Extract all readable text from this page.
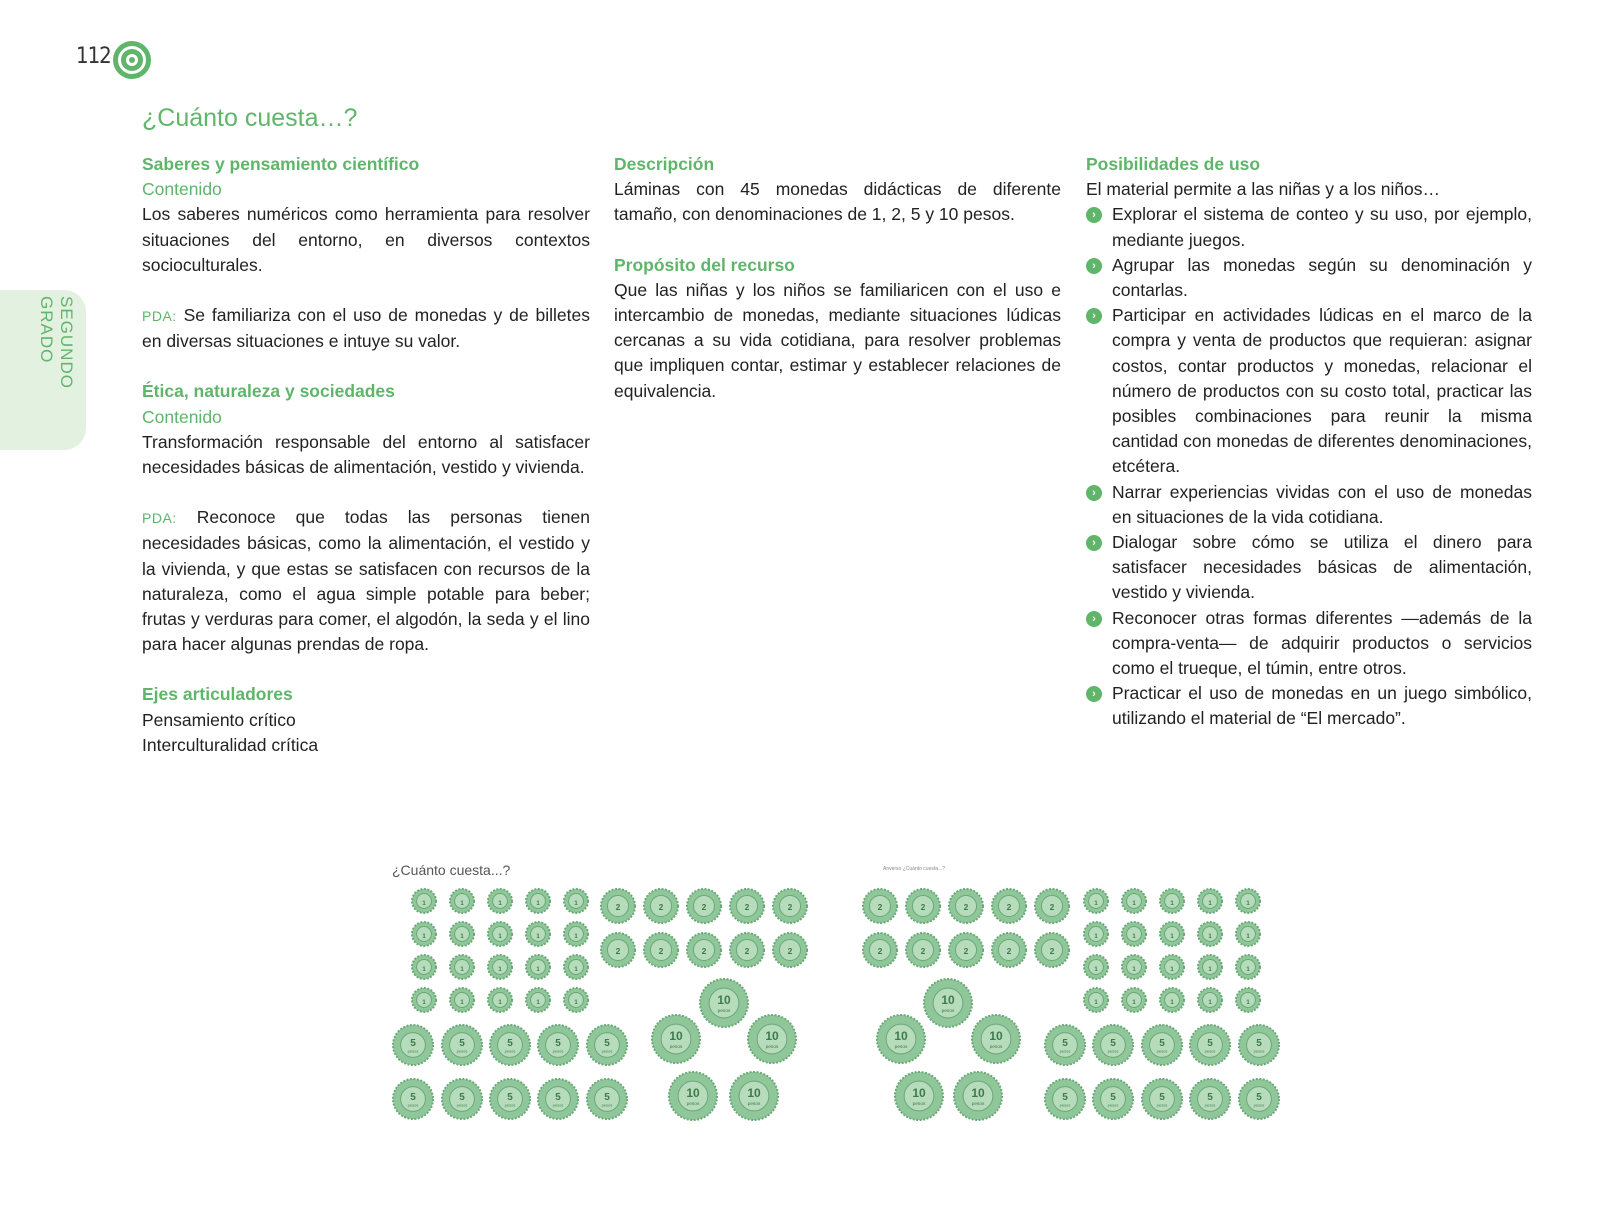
112
SEGUNDO GRADO
¿Cuánto cuesta…?

Saberes y pensamiento científico

Contenido

Los saberes numéricos como herramienta para resolver situaciones del entorno, en diversos contextos socioculturales.

PDA: Se familiariza con el uso de monedas y de billetes en diversas situaciones e intuye su valor.

Ética, naturaleza y sociedades

Contenido

Transformación responsable del entorno al satisfacer necesidades básicas de alimentación, vestido y vivienda.

PDA: Reconoce que todas las personas tienen necesidades básicas, como la alimentación, el vestido y la vivienda, y que estas se satisfacen con recursos de la naturaleza, como el agua simple potable para beber; frutas y verduras para comer, el algodón, la seda y el lino para hacer algunas prendas de ropa.

Ejes articuladores

Pensamiento crítico

Interculturalidad crítica

Descripción

Láminas con 45 monedas didácticas de diferente tamaño, con denominaciones de 1, 2, 5 y 10 pesos.

Propósito del recurso

Que las niñas y los niños se familiaricen con el uso e intercambio de monedas, mediante situaciones lúdicas cercanas a su vida cotidiana, para resolver problemas que impliquen contar, estimar y establecer relaciones de equivalencia.

Posibilidades de uso

El material permite a las niñas y a los niños…

› Explorar el sistema de conteo y su uso, por ejemplo, mediante juegos.
› Agrupar las monedas según su denominación y contarlas.
› Participar en actividades lúdicas en el marco de la compra y venta de productos que requieran: asignar costos, contar productos y monedas, relacionar el número de productos con su costo total, practicar las posibles combinaciones para reunir la misma cantidad con monedas de diferentes denominaciones, etcétera.
› Narrar experiencias vividas con el uso de monedas en situaciones de la vida cotidiana.
› Dialogar sobre cómo se utiliza el dinero para satisfacer necesidades básicas de alimentación, vestido y vivienda.
› Reconocer otras formas diferentes —además de la compra-venta— de adquirir productos o servicios como el trueque, el túmin, entre otros.
› Practicar el uso de monedas en un juego simbólico, utilizando el material de “El mercado”.
¿Cuánto cuesta...?	Anverso ¿Cuánto cuesta...?
1	1	1	1	1
1	1	1	1	1
1	1	1	1	1
1	1	1	1	1
2	2	2	2	2
2	2	2	2	2
5
pesos
5
pesos
5
pesos
5
pesos
5
pesos
5
pesos
5
pesos
5
pesos
5
pesos
5
pesos
10
pesos
10
pesos
10
pesos
10
pesos
10
pesos
2	2	2	2	2
2	2	2	2	2
1	1	1	1	1
1	1	1	1	1
1	1	1	1	1
1	1	1	1	1
10
pesos
10
pesos
10
pesos
10
pesos
10
pesos
5
pesos
5
pesos
5
pesos
5
pesos
5
pesos
5
pesos
5
pesos
5
pesos
5
pesos
5
pesos
